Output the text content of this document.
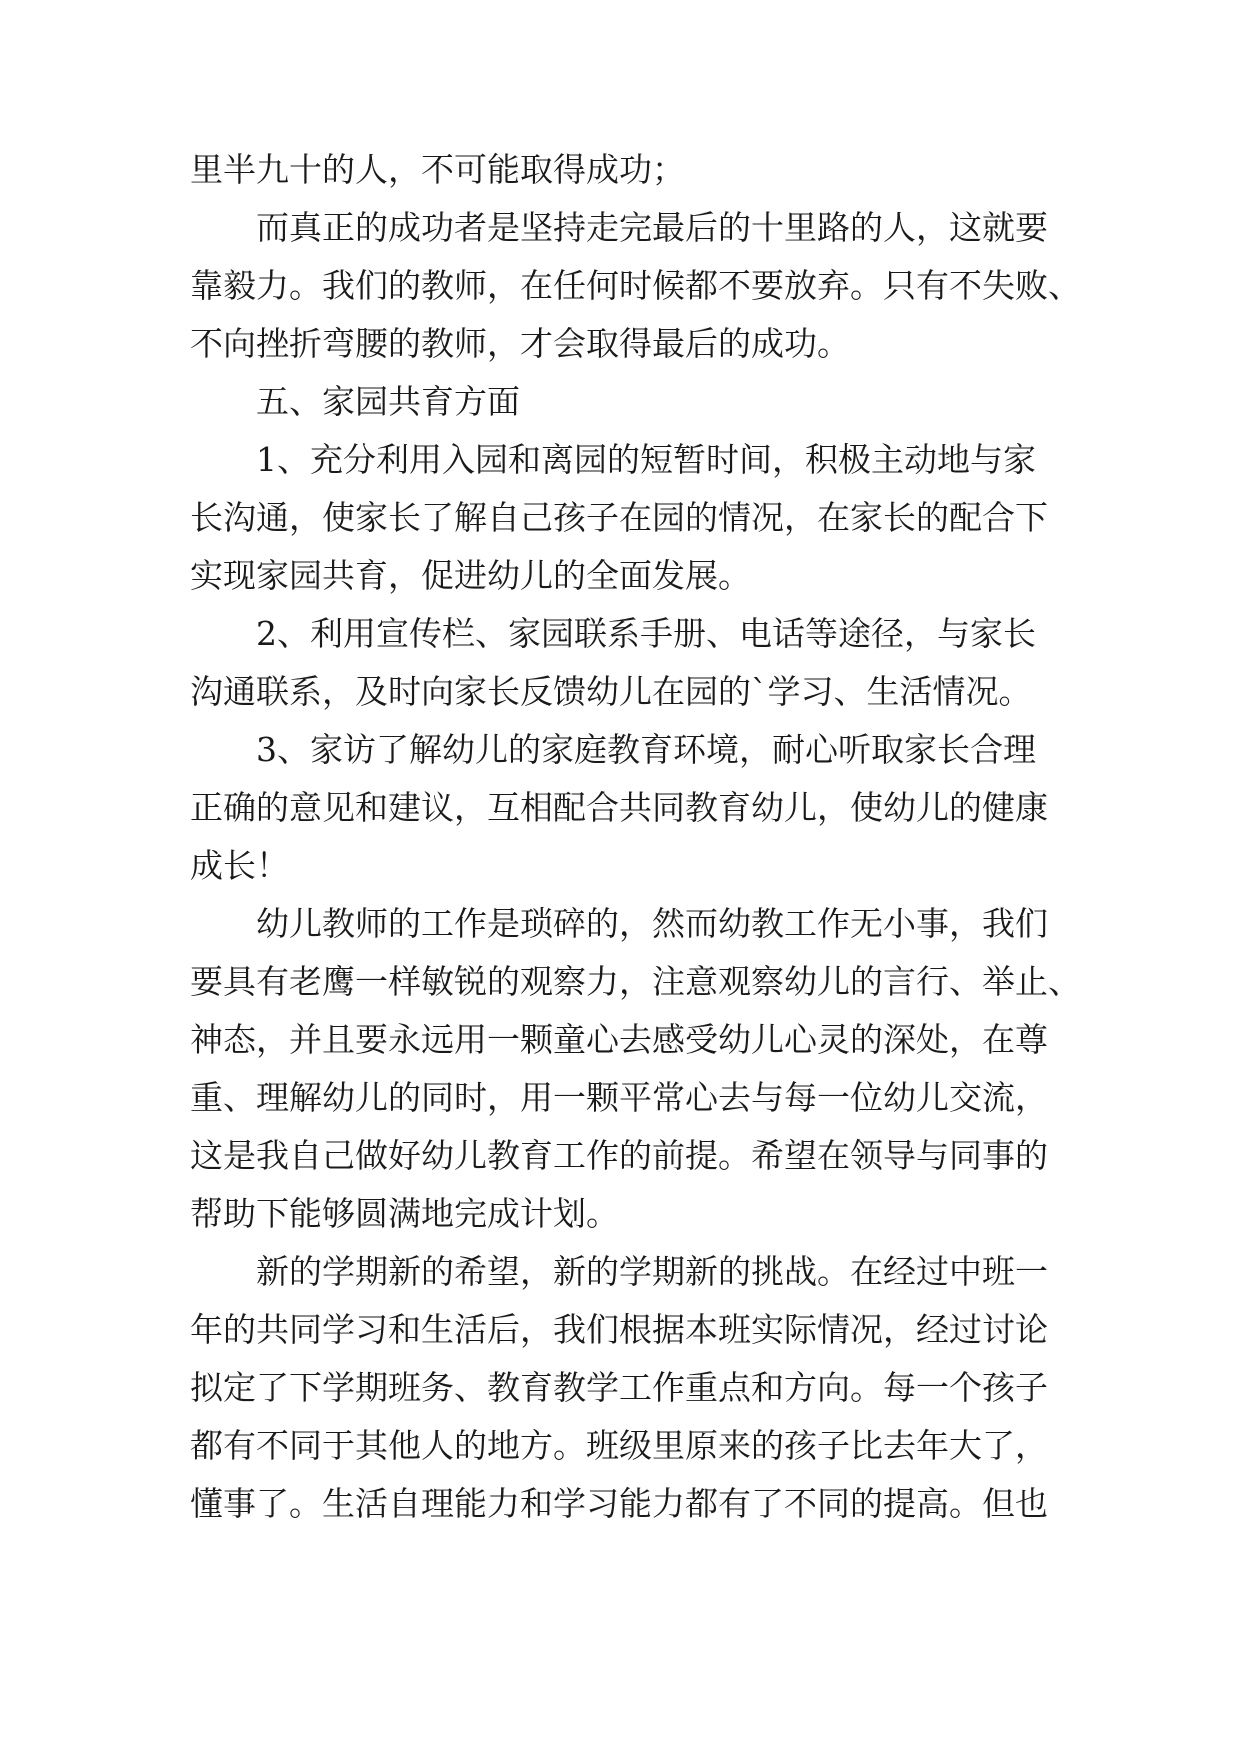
里半九十的人，不可能取得成功；
　　而真正的成功者是坚持走完最后的十里路的人，这就要
靠毅力。我们的教师，在任何时候都不要放弃。只有不失败、
不向挫折弯腰的教师，才会取得最后的成功。
　　五、家园共育方面
　　1、充分利用入园和离园的短暂时间，积极主动地与家
长沟通，使家长了解自己孩子在园的情况，在家长的配合下
实现家园共育，促进幼儿的全面发展。
　　2、利用宣传栏、家园联系手册、电话等途径，与家长
沟通联系，及时向家长反馈幼儿在园的`学习、生活情况。
　　3、家访了解幼儿的家庭教育环境，耐心听取家长合理
正确的意见和建议，互相配合共同教育幼儿，使幼儿的健康
成长！
　　幼儿教师的工作是琐碎的，然而幼教工作无小事，我们
要具有老鹰一样敏锐的观察力，注意观察幼儿的言行、举止、
神态，并且要永远用一颗童心去感受幼儿心灵的深处，在尊
重、理解幼儿的同时，用一颗平常心去与每一位幼儿交流，
这是我自己做好幼儿教育工作的前提。希望在领导与同事的
帮助下能够圆满地完成计划。
　　新的学期新的希望，新的学期新的挑战。在经过中班一
年的共同学习和生活后，我们根据本班实际情况，经过讨论
拟定了下学期班务、教育教学工作重点和方向。每一个孩子
都有不同于其他人的地方。班级里原来的孩子比去年大了，
懂事了。生活自理能力和学习能力都有了不同的提高。但也
